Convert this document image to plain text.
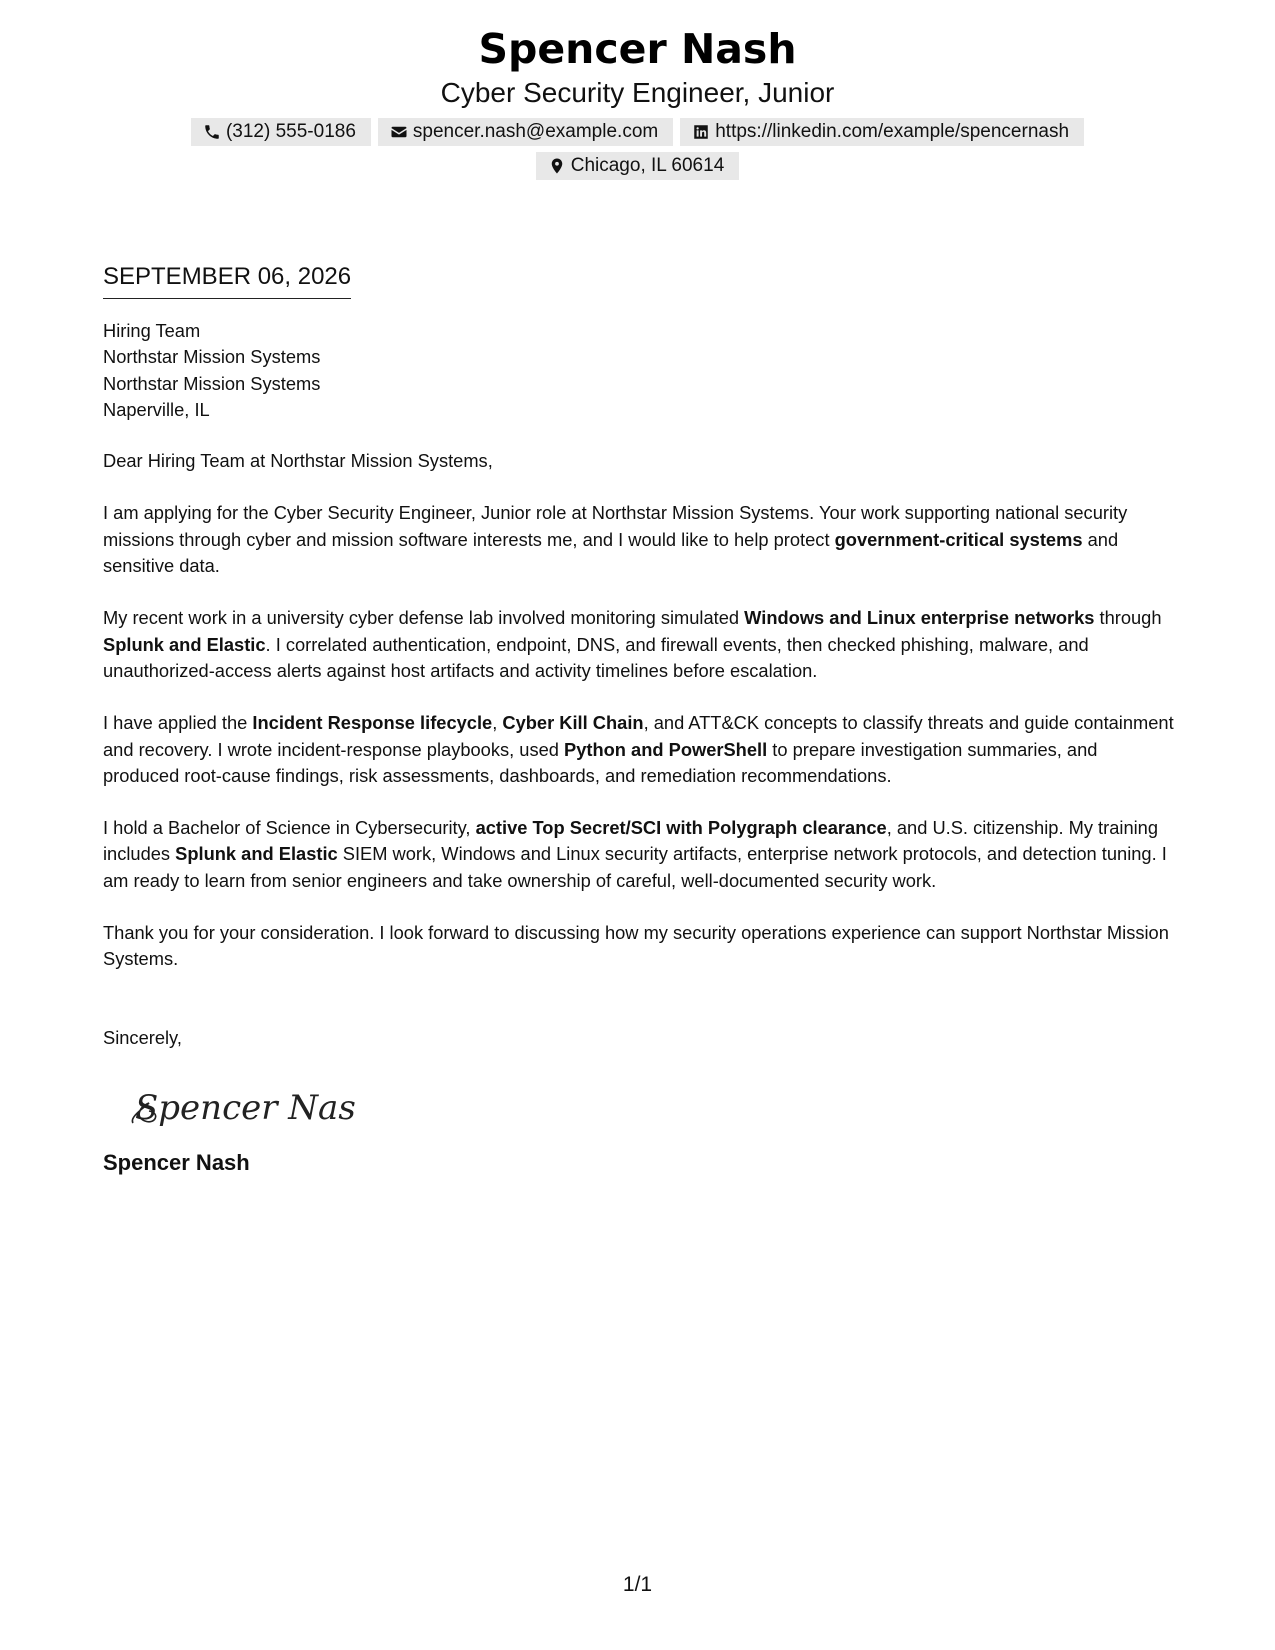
Spencer Nash
Cyber Security Engineer, Junior
(312) 555-0186	spencer.nash@example.com	https://linkedin.com/example/spencernash
Chicago, IL 60614
SEPTEMBER 06, 2026
Hiring Team
Northstar Mission Systems
Northstar Mission Systems
Naperville, IL
Dear Hiring Team at Northstar Mission Systems,
I am applying for the Cyber Security Engineer, Junior role at Northstar Mission Systems. Your work supporting national security missions through cyber and mission software interests me, and I would like to help protect government-critical systems and sensitive data.
My recent work in a university cyber defense lab involved monitoring simulated Windows and Linux enterprise networks through Splunk and Elastic. I correlated authentication, endpoint, DNS, and firewall events, then checked phishing, malware, and unauthorized-access alerts against host artifacts and activity timelines before escalation.
I have applied the Incident Response lifecycle, Cyber Kill Chain, and ATT&CK concepts to classify threats and guide containment and recovery. I wrote incident-response playbooks, used Python and PowerShell to prepare investigation summaries, and produced root-cause findings, risk assessments, dashboards, and remediation recommendations.
I hold a Bachelor of Science in Cybersecurity, active Top Secret/SCI with Polygraph clearance, and U.S. citizenship. My training includes Splunk and Elastic SIEM work, Windows and Linux security artifacts, enterprise network protocols, and detection tuning. I am ready to learn from senior engineers and take ownership of careful, well-documented security work.
Thank you for your consideration. I look forward to discussing how my security operations experience can support Northstar Mission Systems.
Sincerely,
Spencer Nash
Spencer Nash
1/1
